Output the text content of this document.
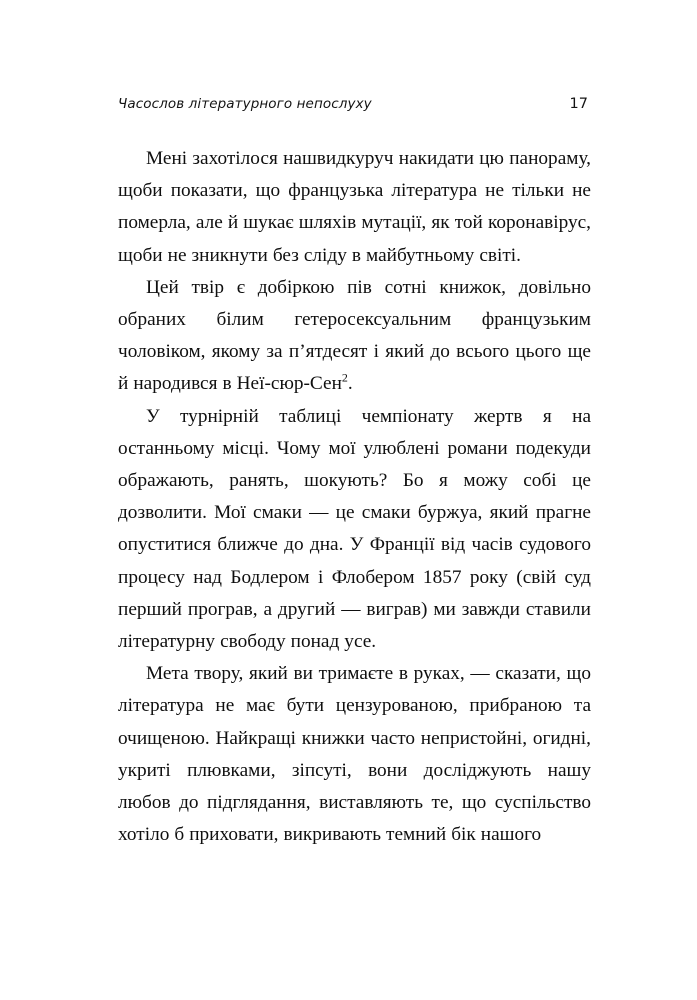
Часослов літературного непослуху	17

Мені захотілося нашвидкуруч накидати цю панораму, щоби показати, що французька література не тільки не померла, але й шукає шляхів мутації, як той коронавірус, щоби не зникнути без сліду в майбутньому світі.

Цей твір є добіркою пів сотні книжок, довільно обраних білим гетеросексуальним французьким чоловіком, якому за п’ятдесят і який до всього цього ще й народився в Неї-сюр-Сен$^2$.

У турнірній таблиці чемпіонату жертв я на останньому місці. Чому мої улюблені романи подекуди ображають, ранять, шокують? Бо я можу собі це дозволити. Мої смаки — це смаки буржуа, який прагне опуститися ближче до дна. У Франції від часів судового процесу над Бодлером і Флобером 1857 року (свій суд перший програв, а другий — виграв) ми завжди ставили літературну свободу понад усе.

Мета твору, який ви тримаєте в руках, — сказати, що література не має бути цензурованою, прибраною та очищеною. Найкращі книжки часто непристойні, огидні, укриті плювками, зіпсуті, вони досліджують нашу любов до підглядання, виставляють те, що суспільство хотіло б приховати, викривають темний бік нашого
